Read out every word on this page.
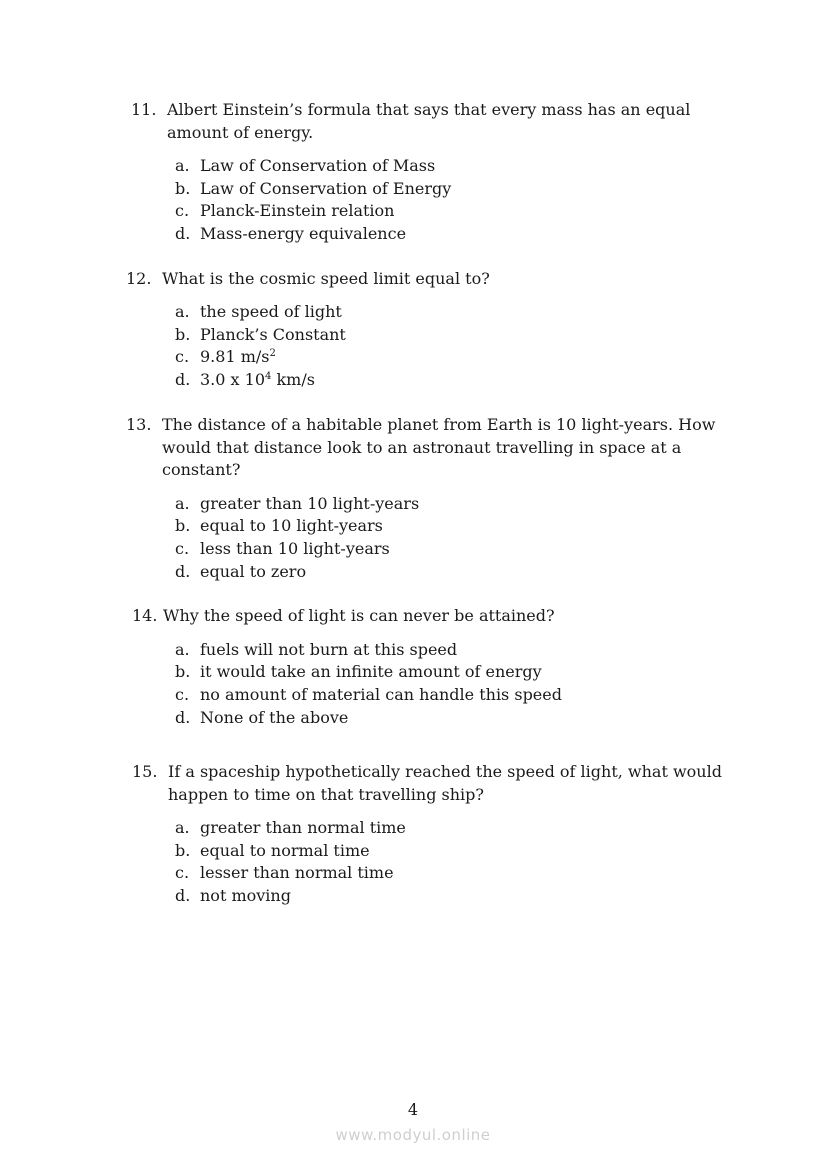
11. Albert Einstein’s formula that says that every mass has an equal
amount of energy.
a. Law of Conservation of Mass
b. Law of Conservation of Energy
c. Planck-Einstein relation
d. Mass-energy equivalence
12. What is the cosmic speed limit equal to?
a. the speed of light
b. Planck’s Constant
c. 9.81 $m/s^2$
d. 3.0 x $10^4$ km/s
13. The distance of a habitable planet from Earth is 10 light-years. How
would that distance look to an astronaut travelling in space at a
constant?
a. greater than 10 light-years
b. equal to 10 light-years
c. less than 10 light-years
d. equal to zero
14. Why the speed of light is can never be attained?
a. fuels will not burn at this speed
b. it would take an infinite amount of energy
c. no amount of material can handle this speed
d. None of the above
15. If a spaceship hypothetically reached the speed of light, what would
happen to time on that travelling ship?
a. greater than normal time
b. equal to normal time
c. lesser than normal time
d. not moving
4
www.modyul.online
